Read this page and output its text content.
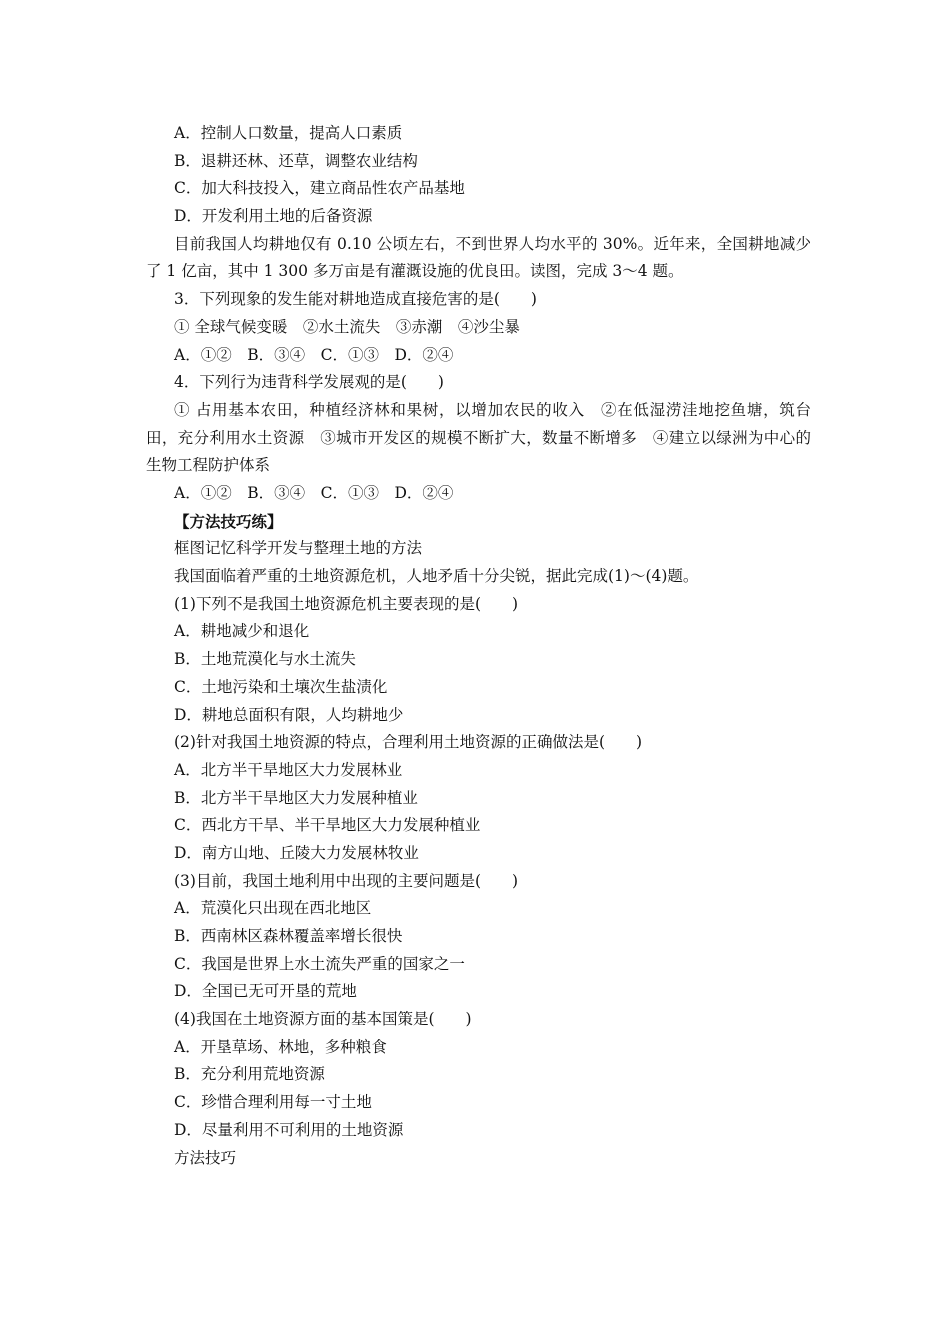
A．控制人口数量，提高人口素质
B．退耕还林、还草，调整农业结构
C．加大科技投入，建立商品性农产品基地
D．开发利用土地的后备资源
目前我国人均耕地仅有 0.10 公顷左右，不到世界人均水平的 30%。近年来，全国耕地减少了 1 亿亩，其中 1 300 多万亩是有灌溉设施的优良田。读图，完成 3～4 题。
3．下列现象的发生能对耕地造成直接危害的是(　　)
① 全球气候变暖　②水土流失　③赤潮　④沙尘暴
A．①②　B．③④　C．①③　D．②④
4．下列行为违背科学发展观的是(　　)
① 占用基本农田，种植经济林和果树，以增加农民的收入　②在低湿涝洼地挖鱼塘，筑台田，充分利用水土资源　③城市开发区的规模不断扩大，数量不断增多　④建立以绿洲为中心的生物工程防护体系
A．①②　B．③④　C．①③　D．②④
【方法技巧练】
框图记忆科学开发与整理土地的方法
我国面临着严重的土地资源危机，人地矛盾十分尖锐，据此完成(1)～(4)题。
(1)下列不是我国土地资源危机主要表现的是(　　)
A．耕地减少和退化
B．土地荒漠化与水土流失
C．土地污染和土壤次生盐渍化
D．耕地总面积有限，人均耕地少
(2)针对我国土地资源的特点，合理利用土地资源的正确做法是(　　)
A．北方半干旱地区大力发展林业
B．北方半干旱地区大力发展种植业
C．西北方干旱、半干旱地区大力发展种植业
D．南方山地、丘陵大力发展林牧业
(3)目前，我国土地利用中出现的主要问题是(　　)
A．荒漠化只出现在西北地区
B．西南林区森林覆盖率增长很快
C．我国是世界上水土流失严重的国家之一
D．全国已无可开垦的荒地
(4)我国在土地资源方面的基本国策是(　　)
A．开垦草场、林地，多种粮食
B．充分利用荒地资源
C．珍惜合理利用每一寸土地
D．尽量利用不可利用的土地资源
方法技巧
